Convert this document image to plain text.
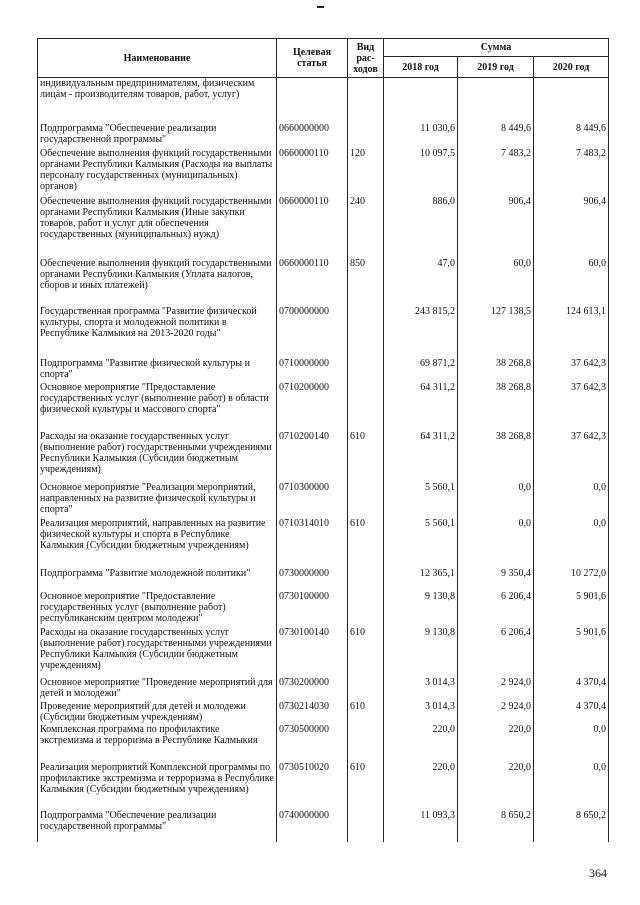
Наименование	Целевая статья	Вид рас- ходов	Сумма		
			2018 год	2019 год	2020 год
индивидуальным предпринимателям, физическим лицам - производителям товаров, работ, услуг)					
Подпрограмма "Обеспечение реализации государственной программы"	0660000000		11 030,6	8 449,6	8 449,6
Обеспечение выполнения функций государственными органами Республики Калмыкия (Расходы на выплаты персоналу государственных (муниципальных) органов)	0660000110	120	10 097,5	7 483,2	7 483,2
Обеспечение выполнения функций государственными органами Республики Калмыкия (Иные закупки товаров, работ и услуг для обеспечения государственных (муниципальных) нужд)	0660000110	240	886,0	906,4	906,4
Обеспечение выполнения функций государственными органами Республики Калмыкия (Уплата налогов, сборов и иных платежей)	0660000110	850	47,0	60,0	60,0
Государственная программа "Развитие физической культуры, спорта и молодежной политики в Республике Калмыкия на 2013-2020 годы"	0700000000		243 815,2	127 138,5	124 613,1
Подпрограмма "Развитие физической культуры и спорта"	0710000000		69 871,2	38 268,8	37 642,3
Основное мероприятие "Предоставление государственных услуг (выполнение работ) в области физической культуры и массового спорта"	0710200000		64 311,2	38 268,8	37 642,3
Расходы на оказание государственных услуг (выполнение работ) государственными учреждениями Республики Калмыкия (Субсидии бюджетным учреждениям)	0710200140	610	64 311,2	38 268,8	37 642,3
Основное мероприятие "Реализация мероприятий, направленных на развитие физической культуры и спорта"	0710300000		5 560,1	0,0	0,0
Реализация мероприятий, направленных на развитие физической культуры и спорта в Республике Калмыкия (Субсидии бюджетным учреждениям)	0710314010	610	5 560,1	0,0	0,0
Подпрограмма "Развитие молодежной политики"	0730000000		12 365,1	9 350,4	10 272,0
Основное мероприятие "Предоставление государственных услуг (выполнение работ) республиканским центром молодежи"	0730100000		9 130,8	6 206,4	5 901,6
Расходы на оказание государственных услуг (выполнение работ) государственными учреждениями Республики Калмыкия (Субсидии бюджетным учреждениям)	0730100140	610	9 130,8	6 206,4	5 901,6
Основное мероприятие "Проведение мероприятий для детей и молодежи"	0730200000		3 014,3	2 924,0	4 370,4
Проведение мероприятий для детей и молодежи (Субсидии бюджетным учреждениям)	0730214030	610	3 014,3	2 924,0	4 370,4
Комплексная программа по профилактике экстремизма и терроризма в Республике Калмыкия	0730500000		220,0	220,0	0,0
Реализация мероприятий Комплексной программы по профилактике экстремизма и терроризма в Республике Калмыкия (Субсидии бюджетным учреждениям)	0730510020	610	220,0	220,0	0,0
Подпрограмма "Обеспечение реализации государственной программы"	0740000000		11 093,3	8 650,2	8 650,2
364
